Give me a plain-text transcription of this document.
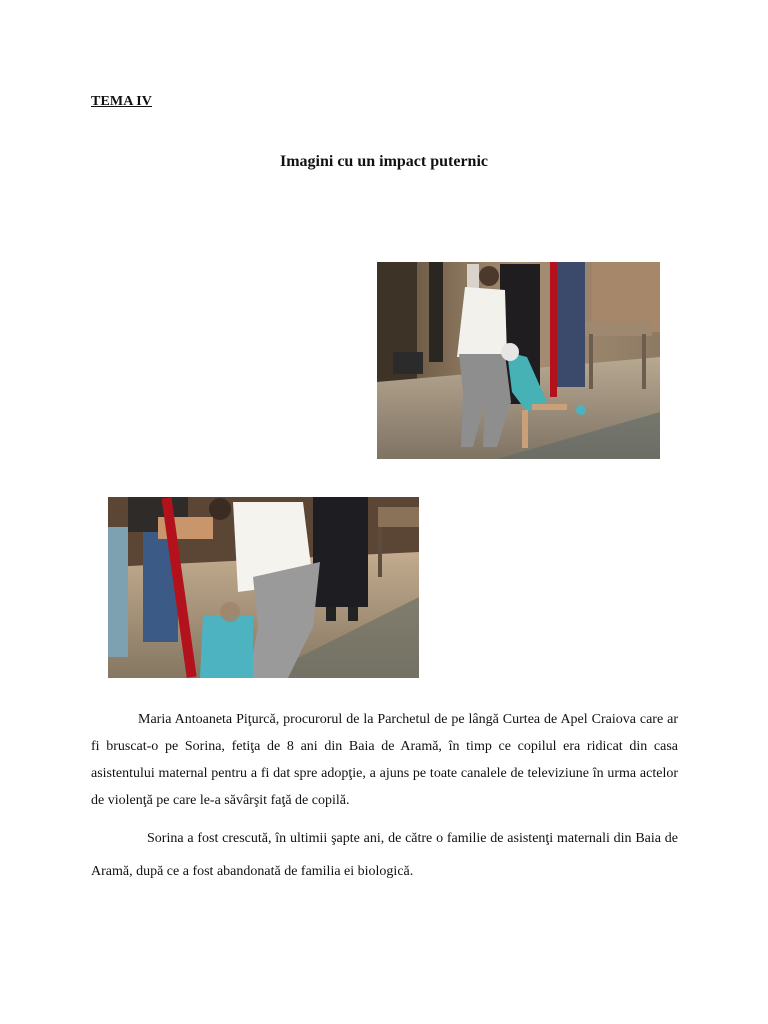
TEMA IV
Imagini cu un impact puternic

Maria Antoaneta Piţurcă, procurorul de la Parchetul de pe lângă Curtea de Apel Craiova care ar fi bruscat-o pe Sorina, fetiţa de 8 ani din Baia de Aramă, în timp ce copilul era ridicat din casa asistentului maternal pentru a fi dat spre adopţie, a ajuns pe toate canalele de televiziune în urma actelor de violenţă pe care le-a săvârşit faţă de copilă.

Sorina a fost crescută, în ultimii şapte ani, de către o familie de asistenţi maternali din Baia de Aramă, după ce a fost abandonată de familia ei biologică.
